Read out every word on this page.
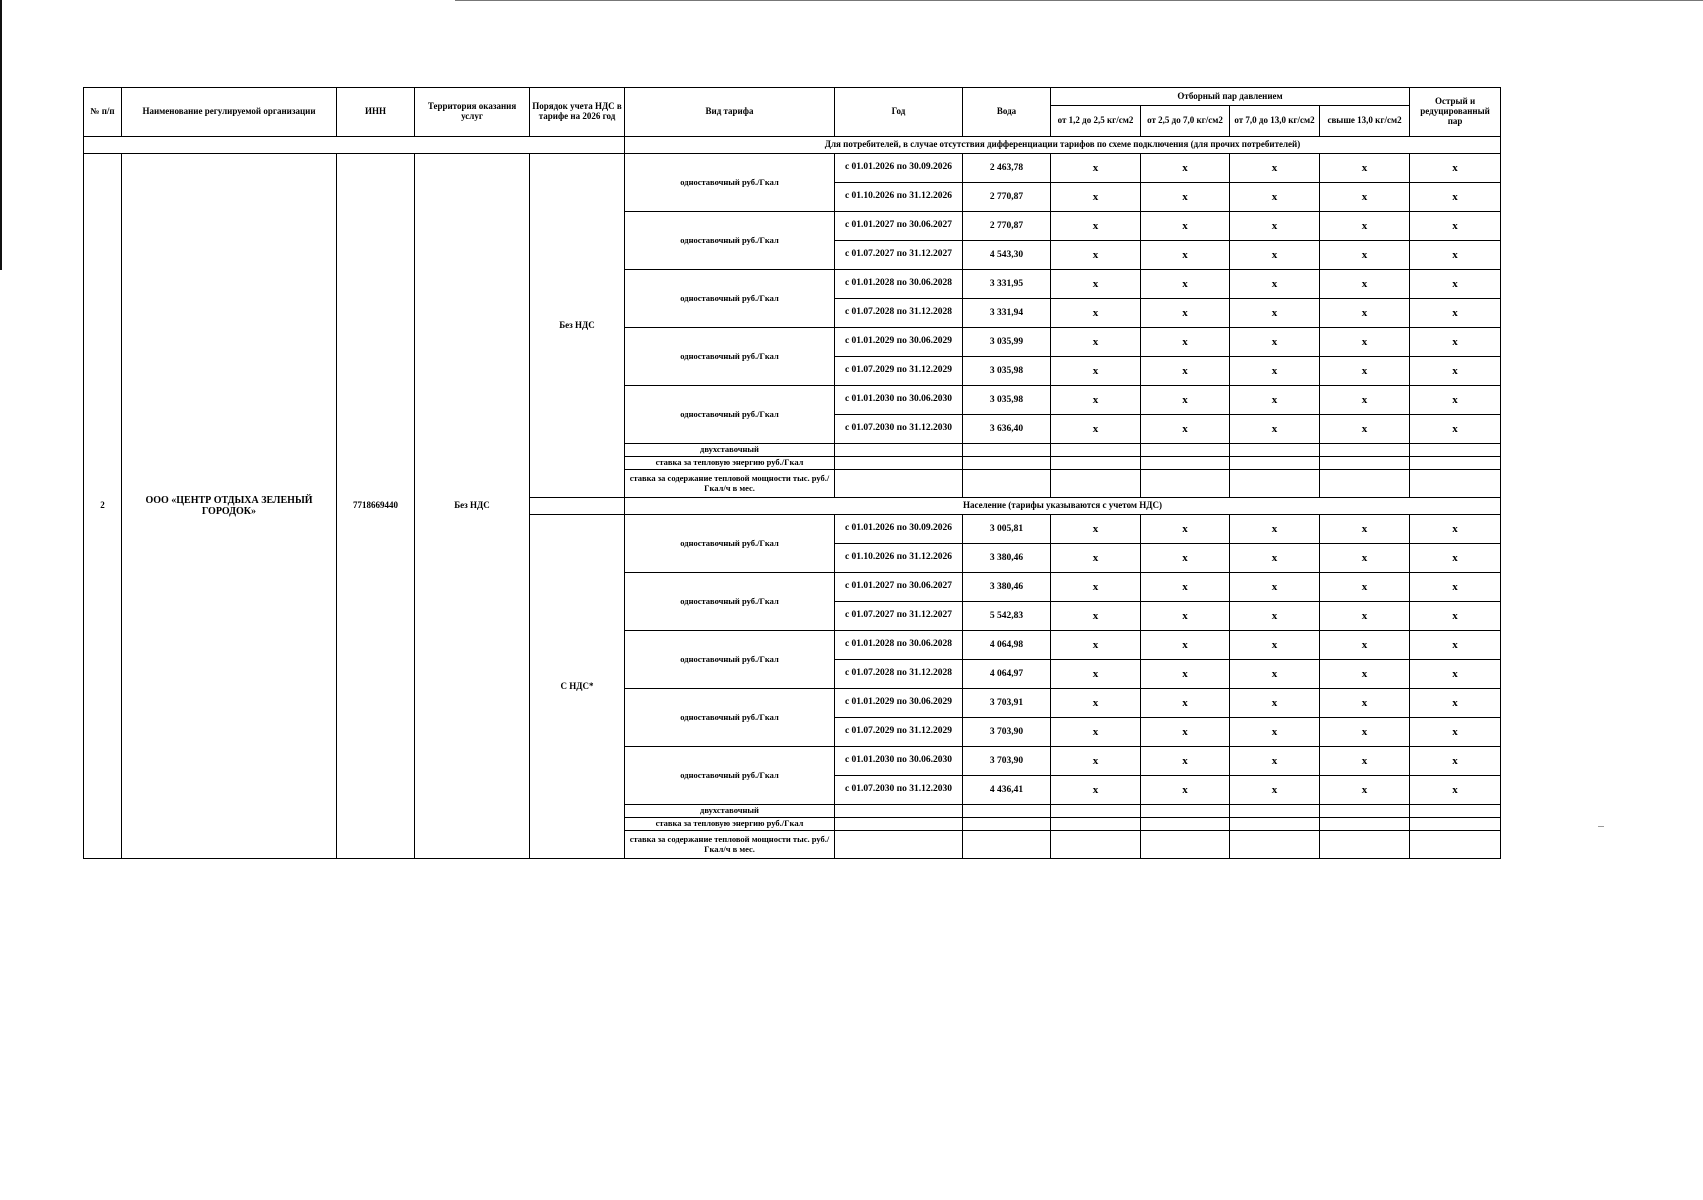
№ п/п	Наименование регулируемой организации	ИНН	Территория оказания услуг	Порядок учета НДС в тарифе на 2026 год	Вид тарифа	Год	Вода	Отборный пар давлением				Острый и редуцированный пар
								от 1,2 до 2,5 кг/см2	от 2,5 до 7,0 кг/см2	от 7,0 до 13,0 кг/см2	свыше 13,0 кг/см2	
					Для потребителей, в случае отсутствия дифференциации тарифов по схеме подключения (для прочих потребителей)							
2	ООО «ЦЕНТР ОТДЫХА ЗЕЛЕНЫЙ ГОРОДОК»	7718669440	Без НДС	Без НДС	одноставочный руб./Гкал	с 01.01.2026 по 30.09.2026	2 463,78	х	х	х	х	х
						с 01.10.2026 по 31.12.2026	2 770,87	х	х	х	х	х
					одноставочный руб./Гкал	с 01.01.2027 по 30.06.2027	2 770,87	х	х	х	х	х
						с 01.07.2027 по 31.12.2027	4 543,30	х	х	х	х	х
					одноставочный руб./Гкал	с 01.01.2028 по 30.06.2028	3 331,95	х	х	х	х	х
						с 01.07.2028 по 31.12.2028	3 331,94	х	х	х	х	х
					одноставочный руб./Гкал	с 01.01.2029 по 30.06.2029	3 035,99	х	х	х	х	х
						с 01.07.2029 по 31.12.2029	3 035,98	х	х	х	х	х
					одноставочный руб./Гкал	с 01.01.2030 по 30.06.2030	3 035,98	х	х	х	х	х
						с 01.07.2030 по 31.12.2030	3 636,40	х	х	х	х	х
					двухставочный							
					ставка за тепловую энергию руб./Гкал							
					ставка за содержание тепловой мощности тыс. руб./Гкал/ч в мес.							
					Население (тарифы указываются с учетом НДС)							
				С НДС*	одноставочный руб./Гкал	с 01.01.2026 по 30.09.2026	3 005,81	х	х	х	х	х
						с 01.10.2026 по 31.12.2026	3 380,46	х	х	х	х	х
					одноставочный руб./Гкал	с 01.01.2027 по 30.06.2027	3 380,46	х	х	х	х	х
						с 01.07.2027 по 31.12.2027	5 542,83	х	х	х	х	х
					одноставочный руб./Гкал	с 01.01.2028 по 30.06.2028	4 064,98	х	х	х	х	х
						с 01.07.2028 по 31.12.2028	4 064,97	х	х	х	х	х
					одноставочный руб./Гкал	с 01.01.2029 по 30.06.2029	3 703,91	х	х	х	х	х
						с 01.07.2029 по 31.12.2029	3 703,90	х	х	х	х	х
					одноставочный руб./Гкал	с 01.01.2030 по 30.06.2030	3 703,90	х	х	х	х	х
						с 01.07.2030 по 31.12.2030	4 436,41	х	х	х	х	х
					двухставочный							
					ставка за тепловую энергию руб./Гкал							
					ставка за содержание тепловой мощности тыс. руб./Гкал/ч в мес.							
